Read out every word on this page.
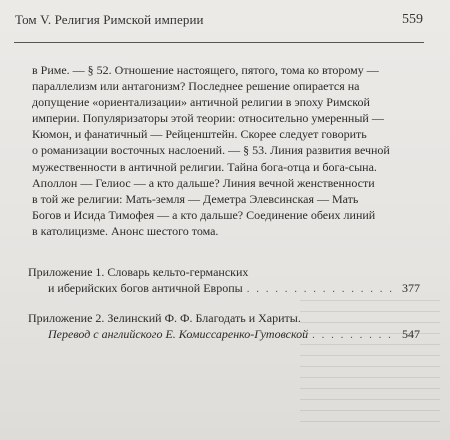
Том V. Религия Римской империи	559
в Риме. — § 52. Отношение настоящего, пятого, тома ко второму —
параллелизм или антагонизм? Последнее решение опирается на
допущение «ориентализации» античной религии в эпоху Римской
империи. Популяризаторы этой теории: относительно умеренный —
Кюмон, и фанатичный — Рейценштейн. Скорее следует говорить
о романизации восточных наслоений. — § 53. Линия развития вечной
мужественности в античной религии. Тайна бога-отца и бога-сына.
Аполлон — Гелиос — а кто дальше? Линия вечной женственности
в той же религии: Мать-земля — Деметра Элевсинская — Мать
Богов и Исида Тимофея — а кто дальше? Соединение обеих линий
в католицизме. Анонс шестого тома.
Приложение 1. Словарь кельто-германских
и иберийских богов античной Европы . . .	377
Приложение 2. Зелинский Ф. Ф. Благодать и Хариты.
Перевод с английского Е. Комиссаренко-Гутовской . . .	547
